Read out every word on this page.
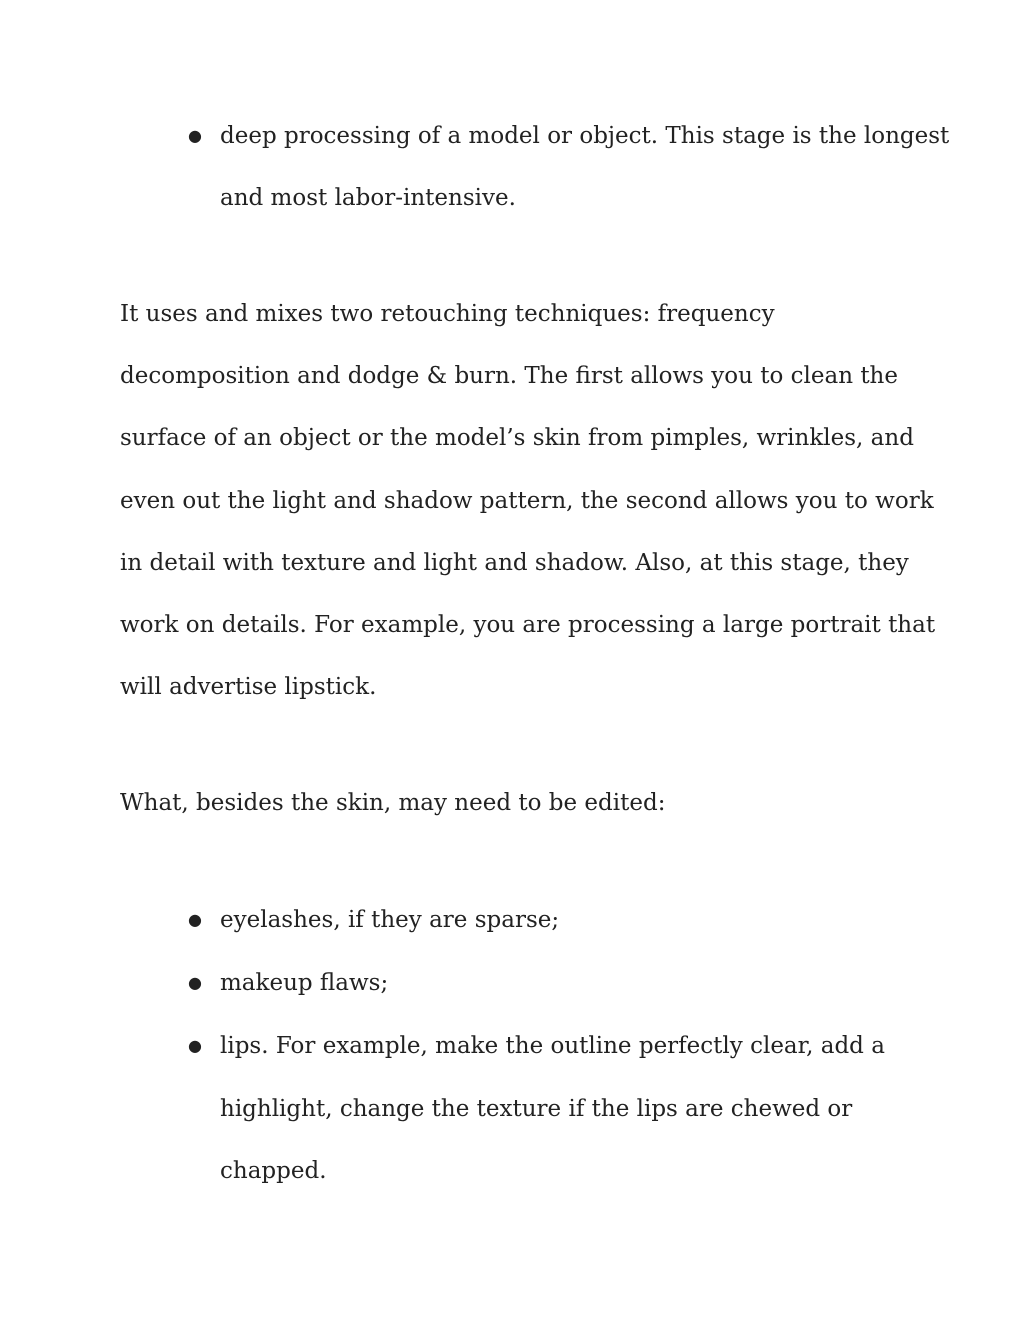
● deep processing of a model or object. This stage is the longest
and most labor-intensive.
It uses and mixes two retouching techniques: frequency
decomposition and dodge & burn. The first allows you to clean the
surface of an object or the model’s skin from pimples, wrinkles, and
even out the light and shadow pattern, the second allows you to work
in detail with texture and light and shadow. Also, at this stage, they
work on details. For example, you are processing a large portrait that
will advertise lipstick.
What, besides the skin, may need to be edited:
● eyelashes, if they are sparse;
● makeup flaws;
● lips. For example, make the outline perfectly clear, add a
highlight, change the texture if the lips are chewed or
chapped.
